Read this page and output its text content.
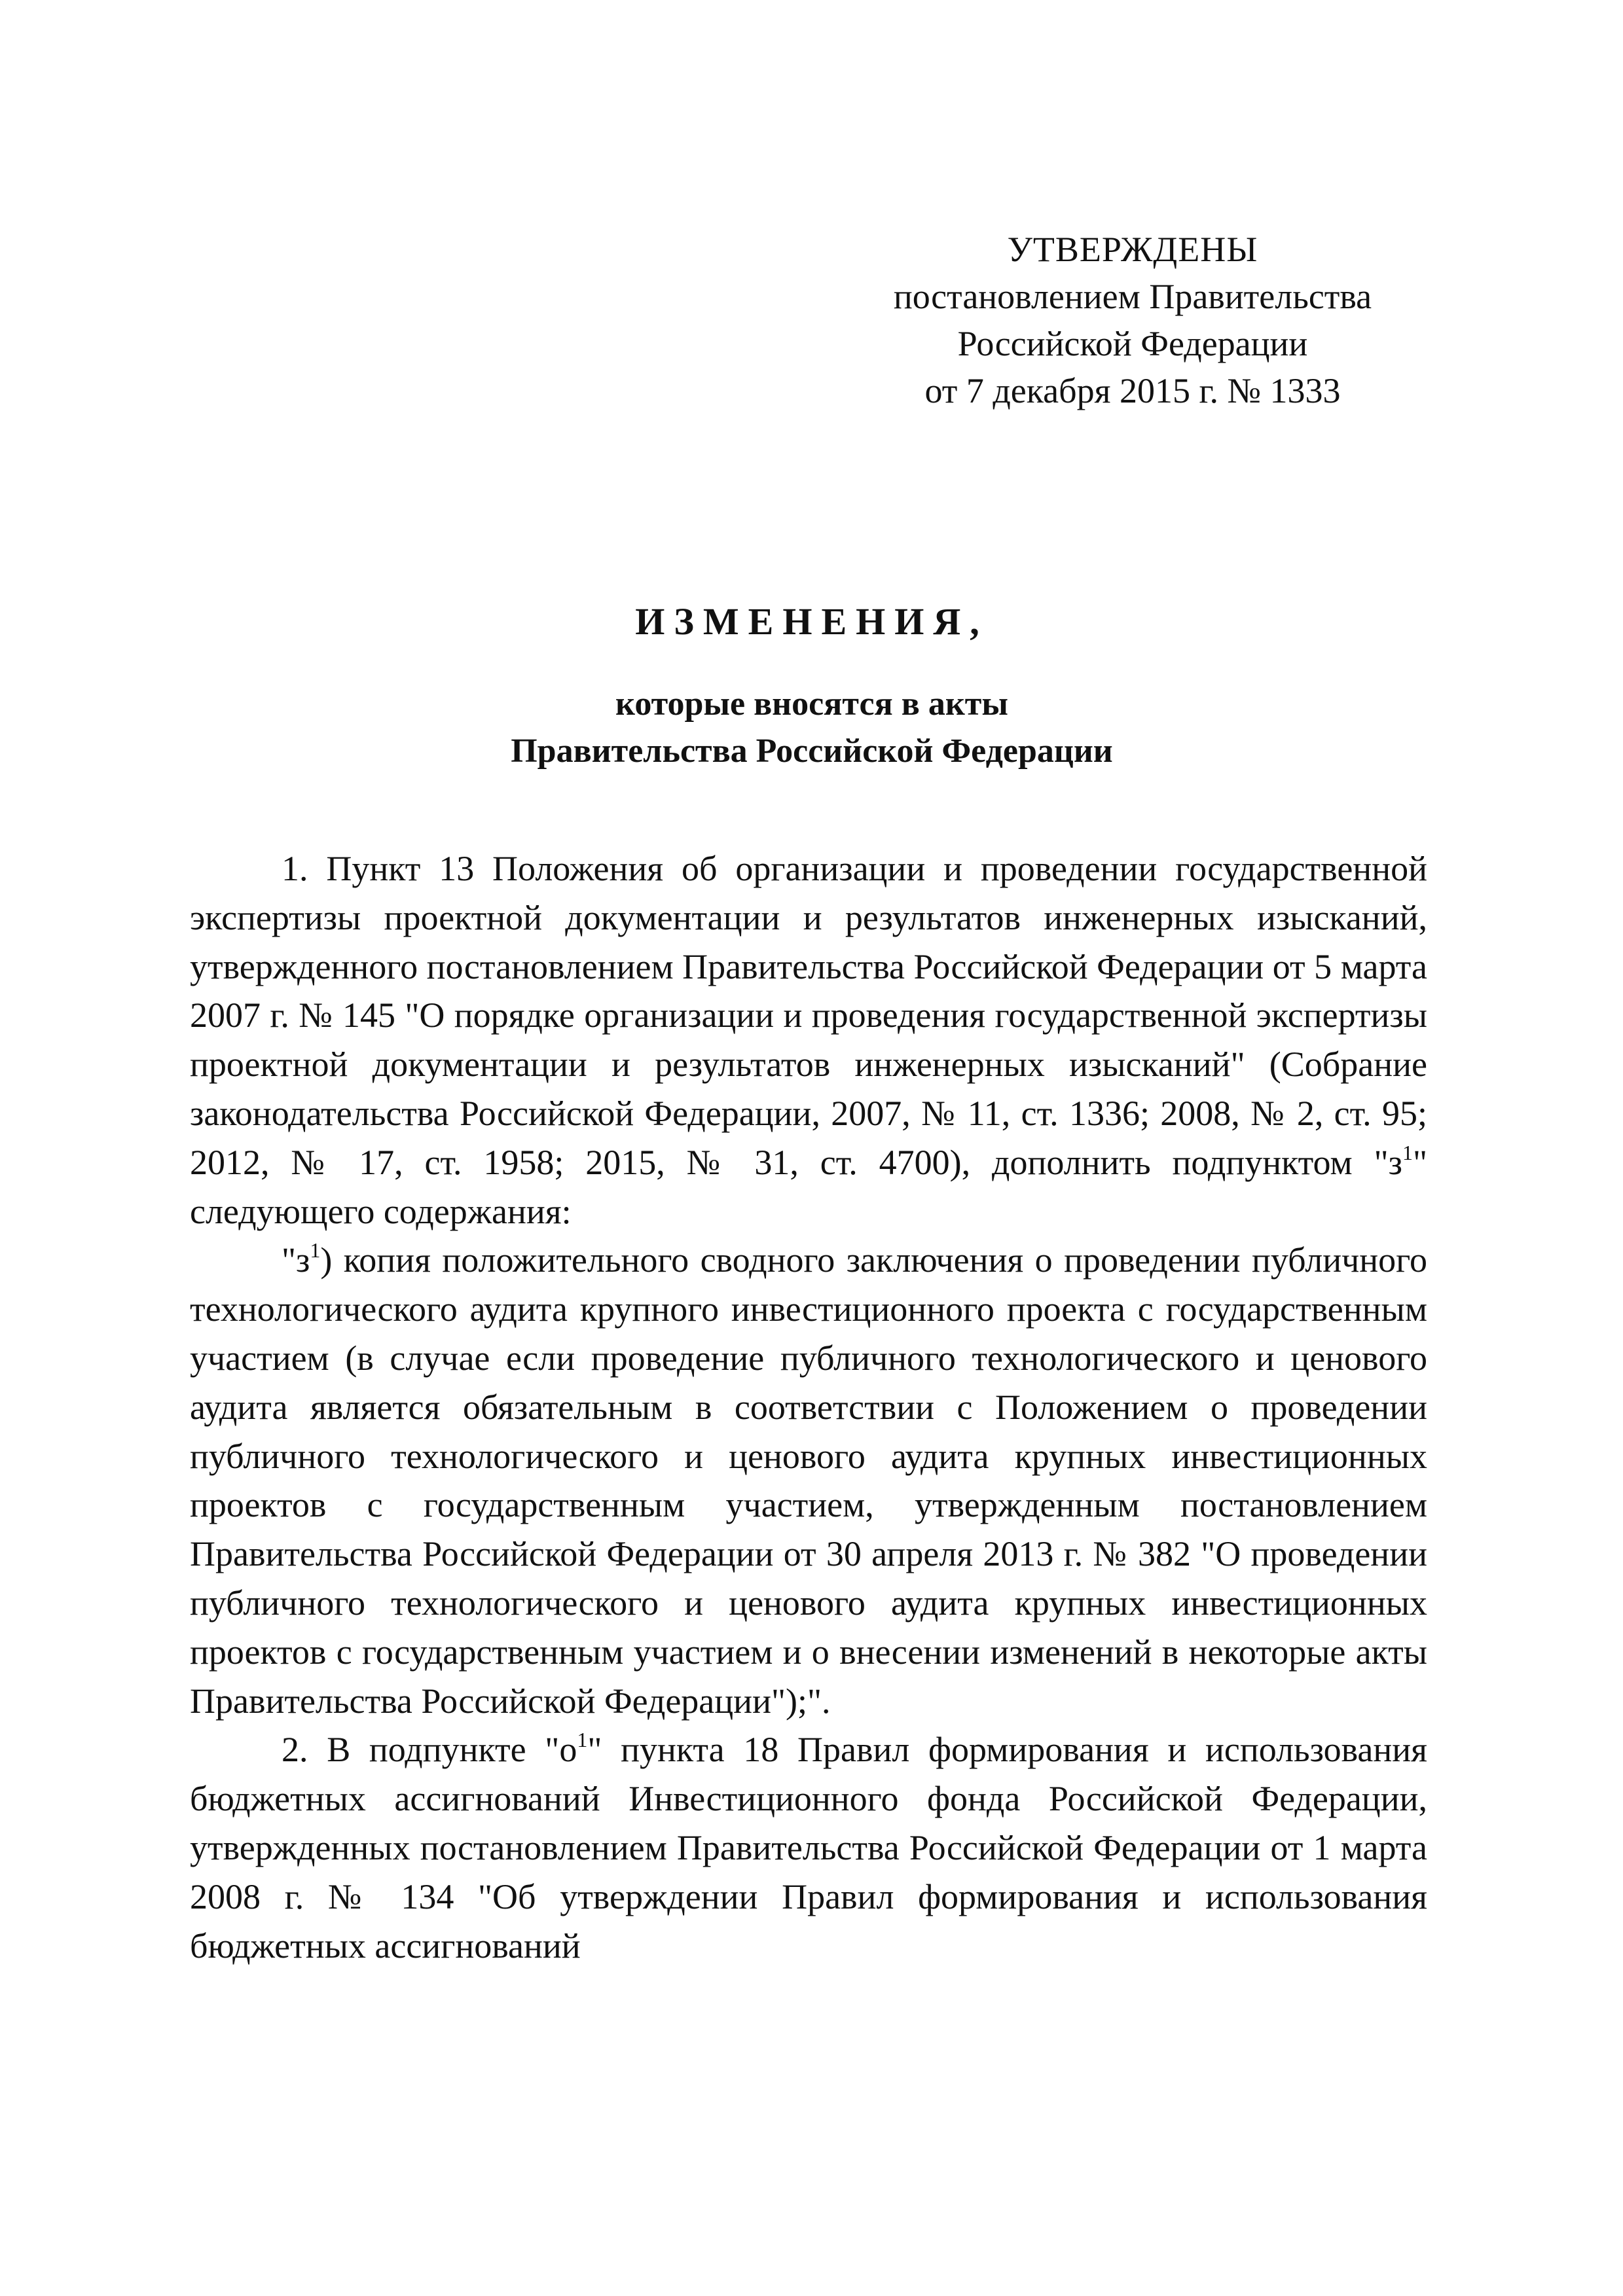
УТВЕРЖДЕНЫ
постановлением Правительства
Российской Федерации
от 7 декабря 2015 г. № 1333
ИЗМЕНЕНИЯ,
которые вносятся в акты
Правительства Российской Федерации

1. Пункт 13 Положения об организации и проведении государственной экспертизы проектной документации и результатов инженерных изысканий, утвержденного постановлением Правительства Российской Федерации от 5 марта 2007 г. № 145 "О порядке организации и проведения государственной экспертизы проектной документации и результатов инженерных изысканий" (Собрание законодательства Российской Федерации, 2007, № 11, ст. 1336; 2008, № 2, ст. 95; 2012, № 17, ст. 1958; 2015, № 31, ст. 4700), дополнить подпунктом "$з^1$" следующего содержания:

"$з^1$) копия положительного сводного заключения о проведении публичного технологического аудита крупного инвестиционного проекта с государственным участием (в случае если проведение публичного технологического и ценового аудита является обязательным в соответствии с Положением о проведении публичного технологического и ценового аудита крупных инвестиционных проектов с государственным участием, утвержденным постановлением Правительства Российской Федерации от 30 апреля 2013 г. № 382 "О проведении публичного технологического и ценового аудита крупных инвестиционных проектов с государственным участием и о внесении изменений в некоторые акты Правительства Российской Федерации");".

2. В подпункте "$о^1$" пункта 18 Правил формирования и использования бюджетных ассигнований Инвестиционного фонда Российской Федерации, утвержденных постановлением Правительства Российской Федерации от 1 марта 2008 г. № 134 "Об утверждении Правил формирования и использования бюджетных ассигнований
